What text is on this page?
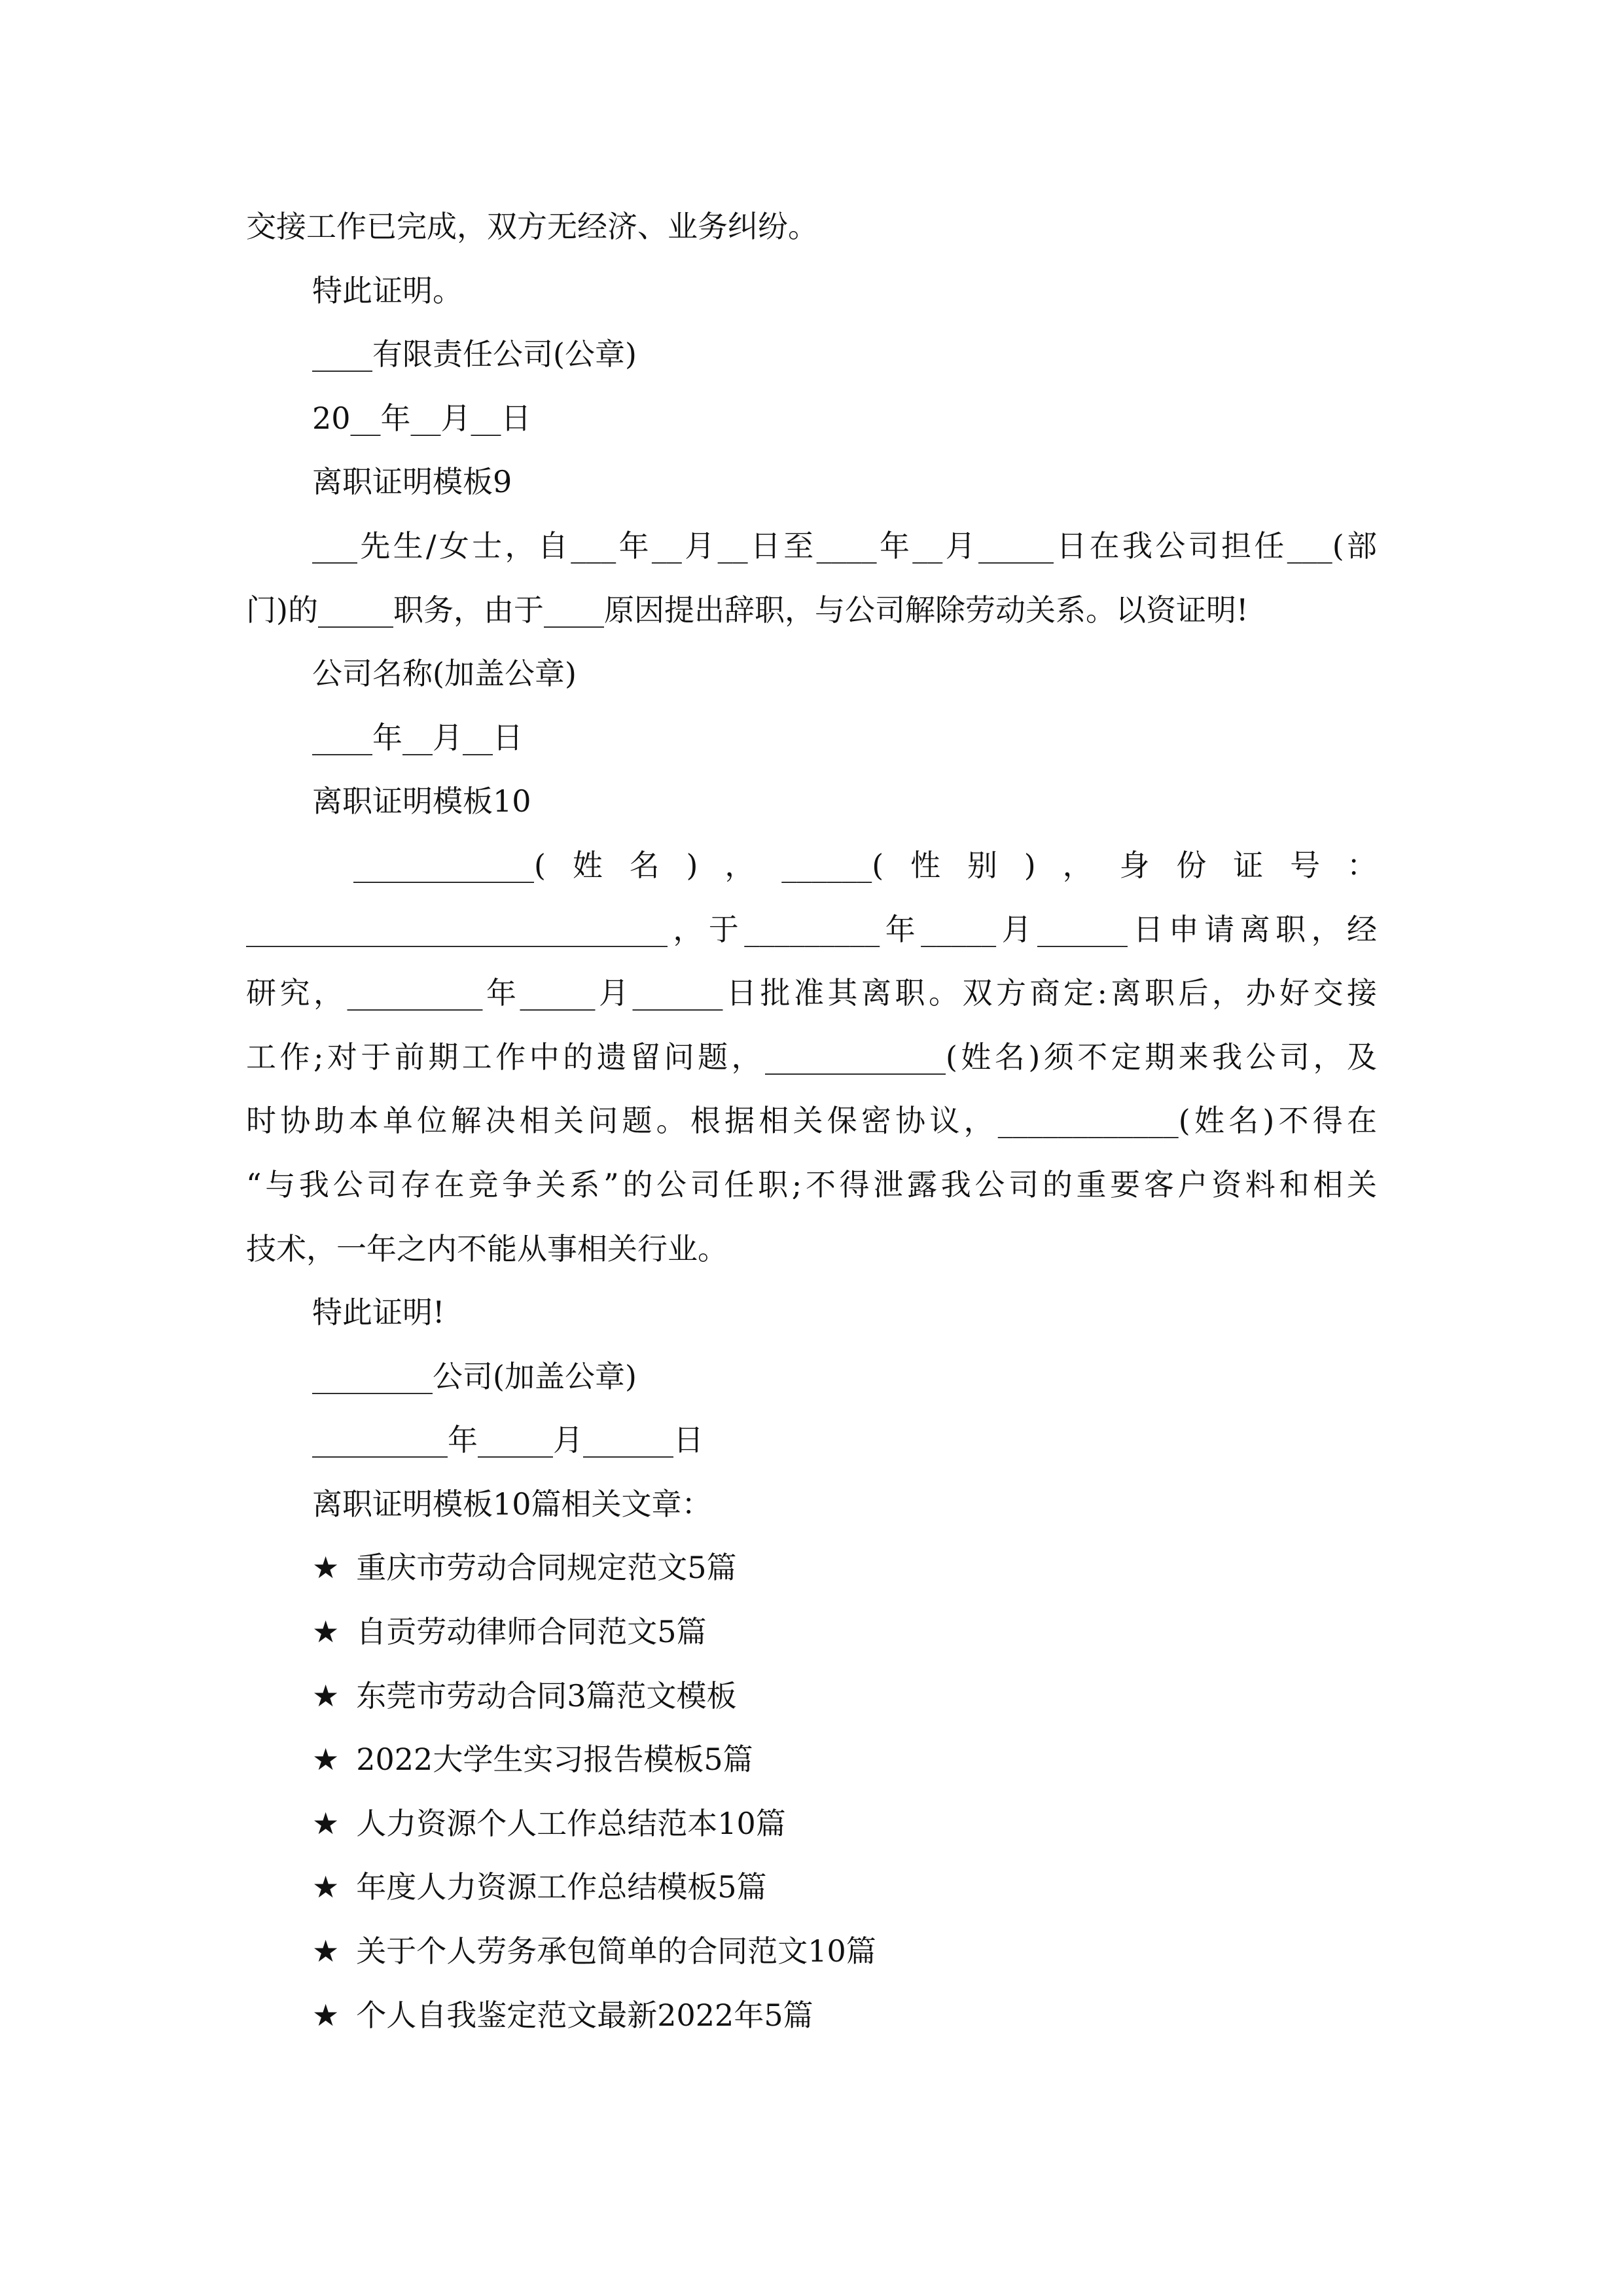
交接工作已完成，双方无经济、业务纠纷。
特此证明。
____有限责任公司(公章)
20__年__月__日
离职证明模板9
___先生/女士，自___年__月__日至____年__月_____日在我公司担任___(部
门)的_____职务，由于____原因提出辞职，与公司解除劳动关系。以资证明!
公司名称(加盖公章)
____年__月__日
离职证明模板10
____________(姓名)，______(性别)，身份证号：
____________________________，于_________年_____月______日申请离职，经
研究，_________年_____月______日批准其离职。双方商定:离职后，办好交接
工作;对于前期工作中的遗留问题，____________(姓名)须不定期来我公司，及
时协助本单位解决相关问题。根据相关保密协议，____________(姓名)不得在
“与我公司存在竞争关系”的公司任职;不得泄露我公司的重要客户资料和相关
技术，一年之内不能从事相关行业。
特此证明!
________公司(加盖公章)
_________年_____月______日
离职证明模板10篇相关文章：
★ 重庆市劳动合同规定范文5篇
★ 自贡劳动律师合同范文5篇
★ 东莞市劳动合同3篇范文模板
★ 2022大学生实习报告模板5篇
★ 人力资源个人工作总结范本10篇
★ 年度人力资源工作总结模板5篇
★ 关于个人劳务承包简单的合同范文10篇
★ 个人自我鉴定范文最新2022年5篇
